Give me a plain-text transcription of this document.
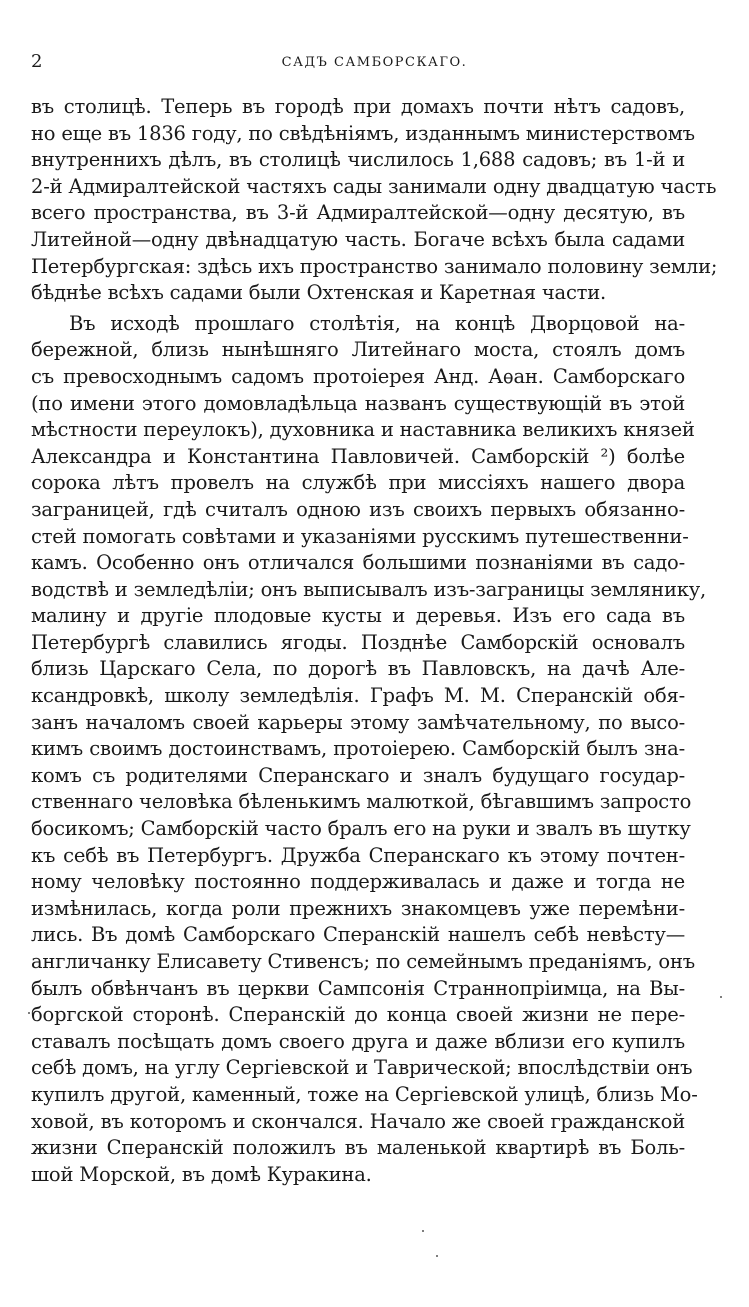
2	САДЪ САМБОРСКАГО.
въ столицѣ. Теперь въ городѣ при домахъ почти нѣтъ садовъ,
но еще въ 1836 году, по свѣдѣніямъ, изданнымъ министерствомъ
внутреннихъ дѣлъ, въ столицѣ числилось 1,688 садовъ; въ 1-й и
2-й Адмиралтейской частяхъ сады занимали одну двадцатую часть
всего пространства, въ 3-й Адмиралтейской—одну десятую, въ
Литейной—одну двѣнадцатую часть. Богаче всѣхъ была садами
Петербургская: здѣсь ихъ пространство занимало половину земли;
бѣднѣе всѣхъ садами были Охтенская и Каретная части.
Въ исходѣ прошлаго столѣтія, на концѣ Дворцовой на-
бережной, близь нынѣшняго Литейнаго моста, стоялъ домъ
съ превосходнымъ садомъ протоіерея Анд. Аѳан. Самборскаго
(по имени этого домовладѣльца названъ существующій въ этой
мѣстности переулокъ), духовника и наставника великихъ князей
Александра и Константина Павловичей. Самборскій ²) болѣе
сорока лѣтъ провелъ на службѣ при миссіяхъ нашего двора
заграницей, гдѣ считалъ одною изъ своихъ первыхъ обязанно-
стей помогать совѣтами и указаніями русскимъ путешественни-
камъ. Особенно онъ отличался большими познаніями въ садо-
водствѣ и земледѣліи; онъ выписывалъ изъ-заграницы землянику,
малину и другіе плодовые кусты и деревья. Изъ его сада въ
Петербургѣ славились ягоды. Позднѣе Самборскій основалъ
близь Царскаго Села, по дорогѣ въ Павловскъ, на дачѣ Але-
ксандровкѣ, школу земледѣлія. Графъ М. М. Сперанскій обя-
занъ началомъ своей карьеры этому замѣчательному, по высо-
кимъ своимъ достоинствамъ, протоіерею. Самборскій былъ зна-
комъ съ родителями Сперанскаго и зналъ будущаго государ-
ственнаго человѣка бѣленькимъ малюткой, бѣгавшимъ запросто
босикомъ; Самборскій часто бралъ его на руки и звалъ въ шутку
къ себѣ въ Петербургъ. Дружба Сперанскаго къ этому почтен-
ному человѣку постоянно поддерживалась и даже и тогда не
измѣнилась, когда роли прежнихъ знакомцевъ уже перемѣни-
лись. Въ домѣ Самборскаго Сперанскій нашелъ себѣ невѣсту—
англичанку Елисавету Стивенсъ; по семейнымъ преданіямъ, онъ
былъ обвѣнчанъ въ церкви Сампсонія Страннопріимца, на Вы-
боргской сторонѣ. Сперанскій до конца своей жизни не пере-
ставалъ посѣщать домъ своего друга и даже вблизи его купилъ
себѣ домъ, на углу Сергіевской и Таврической; впослѣдствіи онъ
купилъ другой, каменный, тоже на Сергіевской улицѣ, близь Мо-
ховой, въ которомъ и скончался. Начало же своей гражданской
жизни Сперанскій положилъ въ маленькой квартирѣ въ Боль-
шой Морской, въ домѣ Куракина.
